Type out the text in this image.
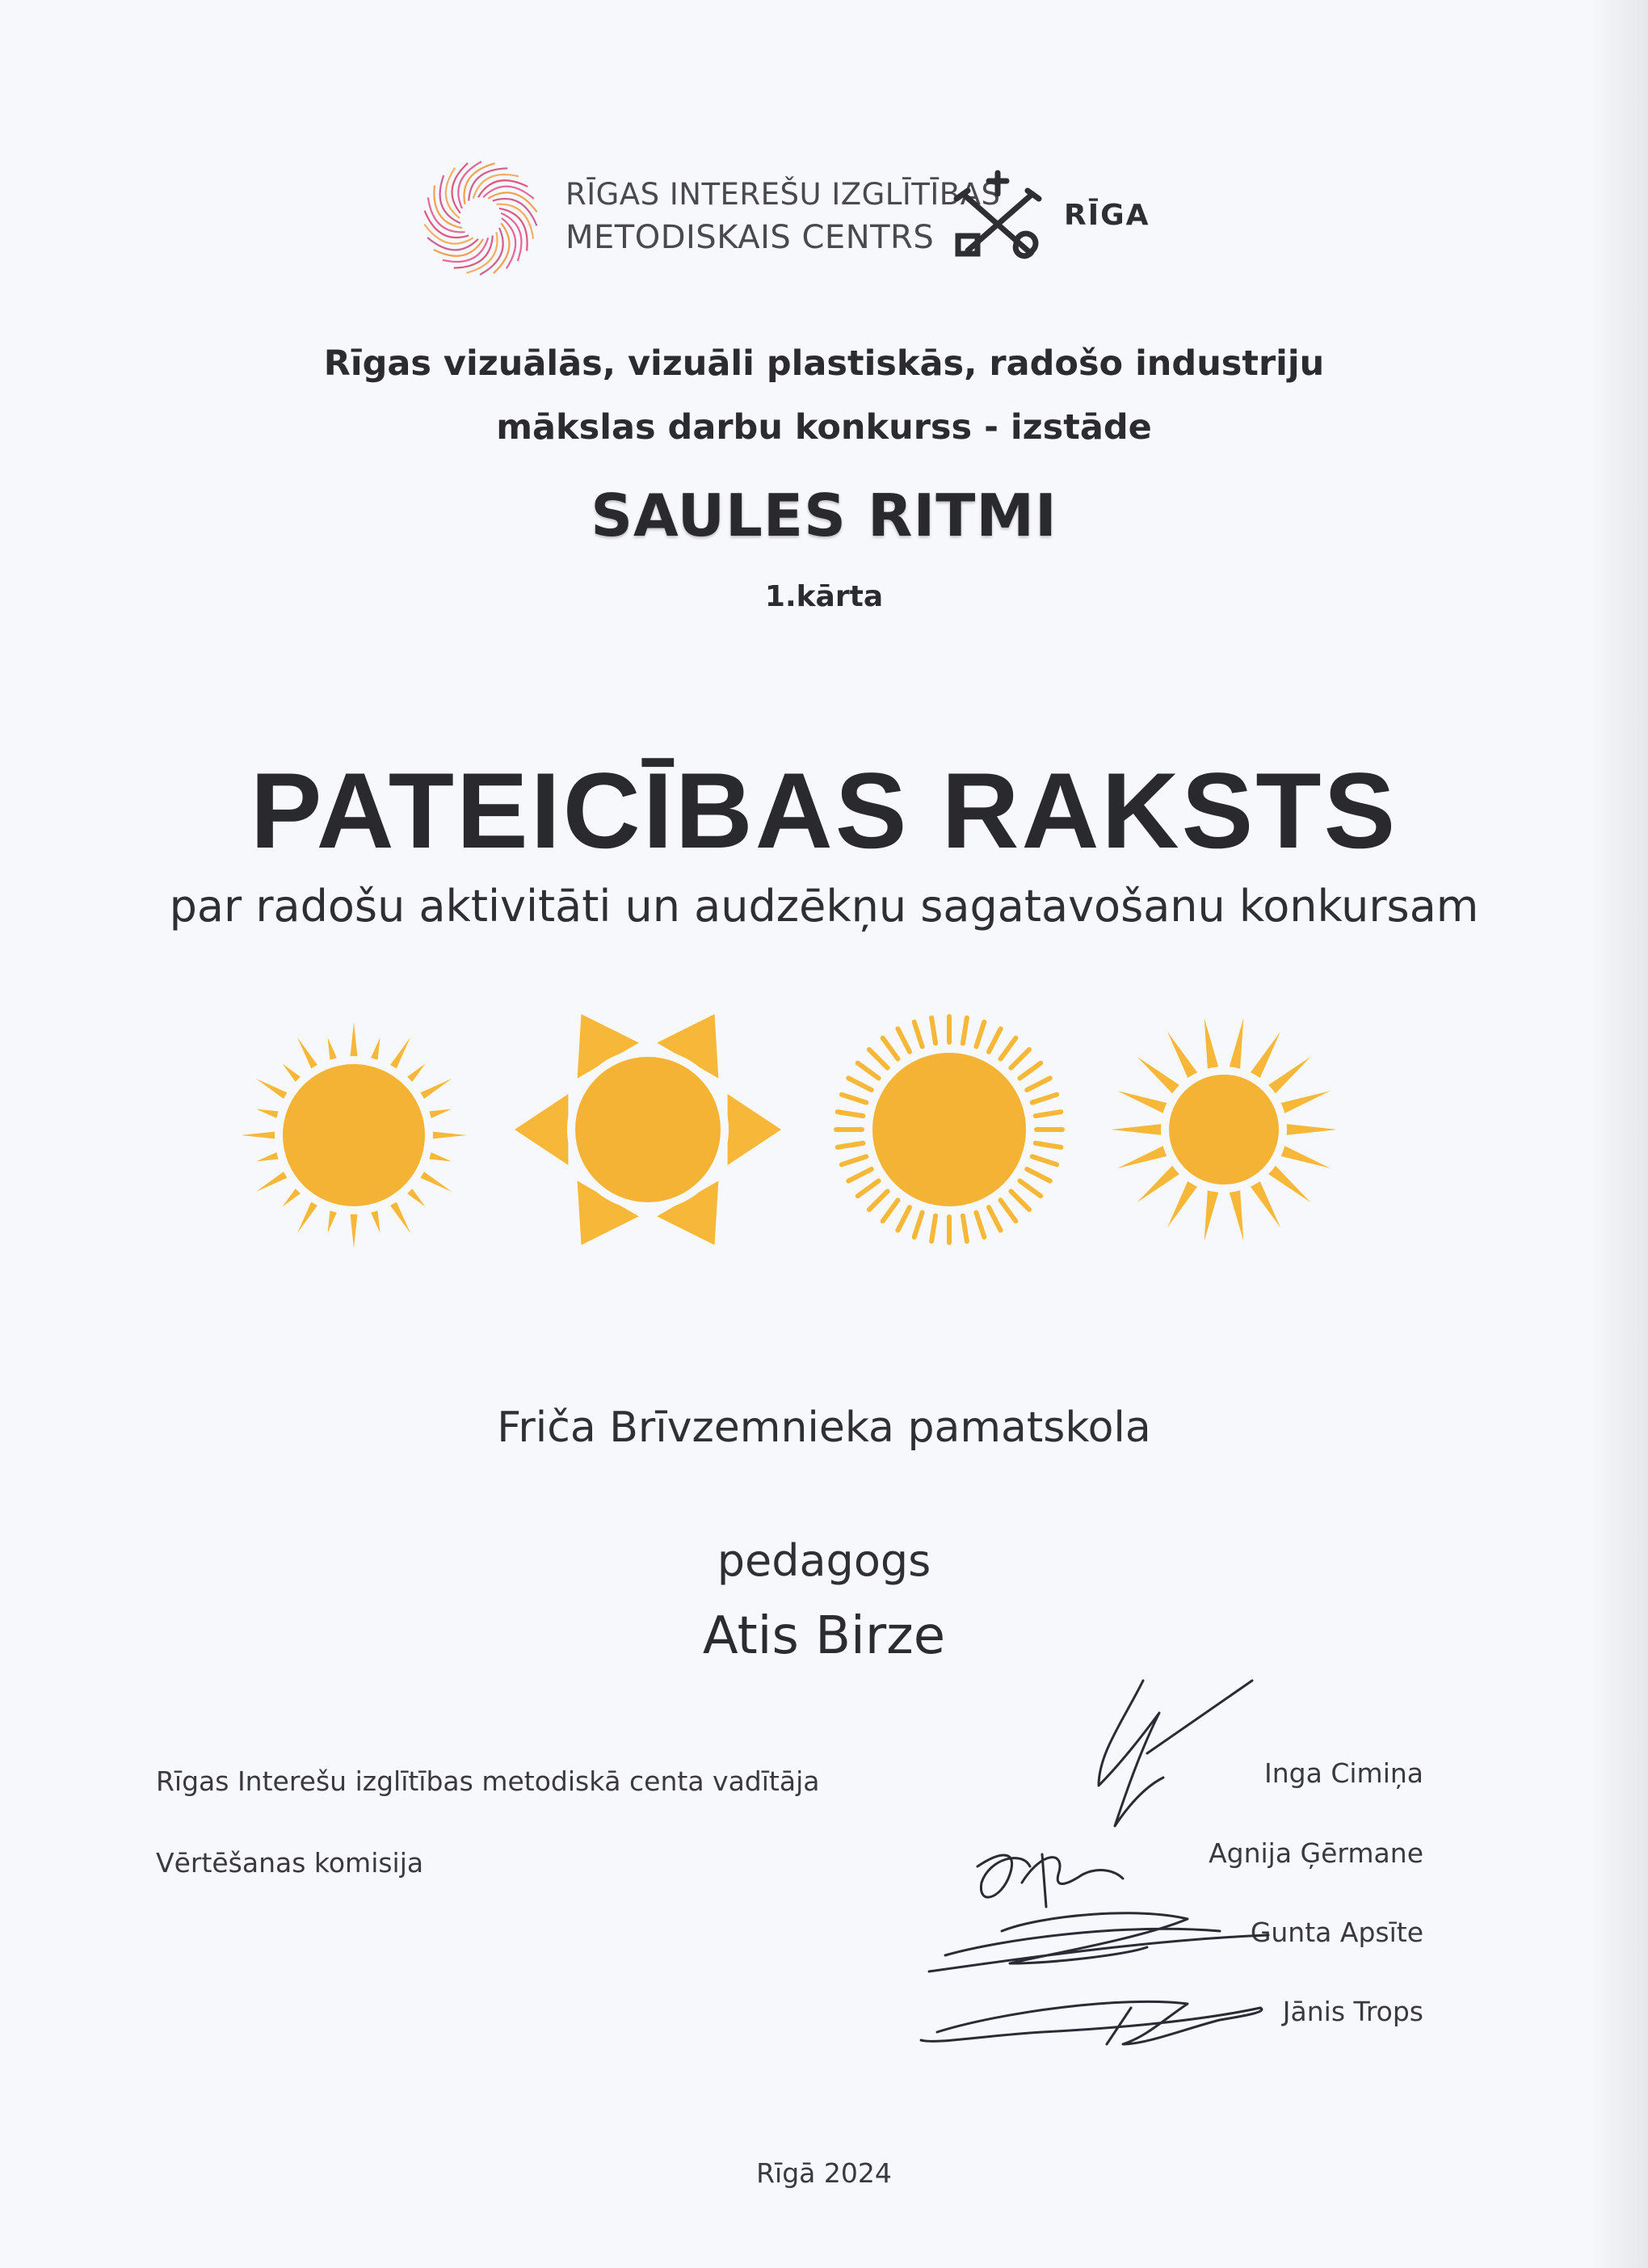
RĪGAS INTEREŠU IZGLĪTĪBAS
METODISKAIS CENTRS
RĪGA
Rīgas vizuālās, vizuāli plastiskās, radošo industriju
mākslas darbu konkurss - izstāde
SAULES RITMI
1.kārta
PATEICĪBAS RAKSTS
par radošu aktivitāti un audzēkņu sagatavošanu konkursam
Friča Brīvzemnieka pamatskola
pedagogs
Atis Birze
Rīgas Interešu izglītības metodiskā centa vadītāja
Vērtēšanas komisija
Inga Cimiņa
Agnija Ģērmane
Gunta Apsīte
Jānis Trops
Rīgā 2024
